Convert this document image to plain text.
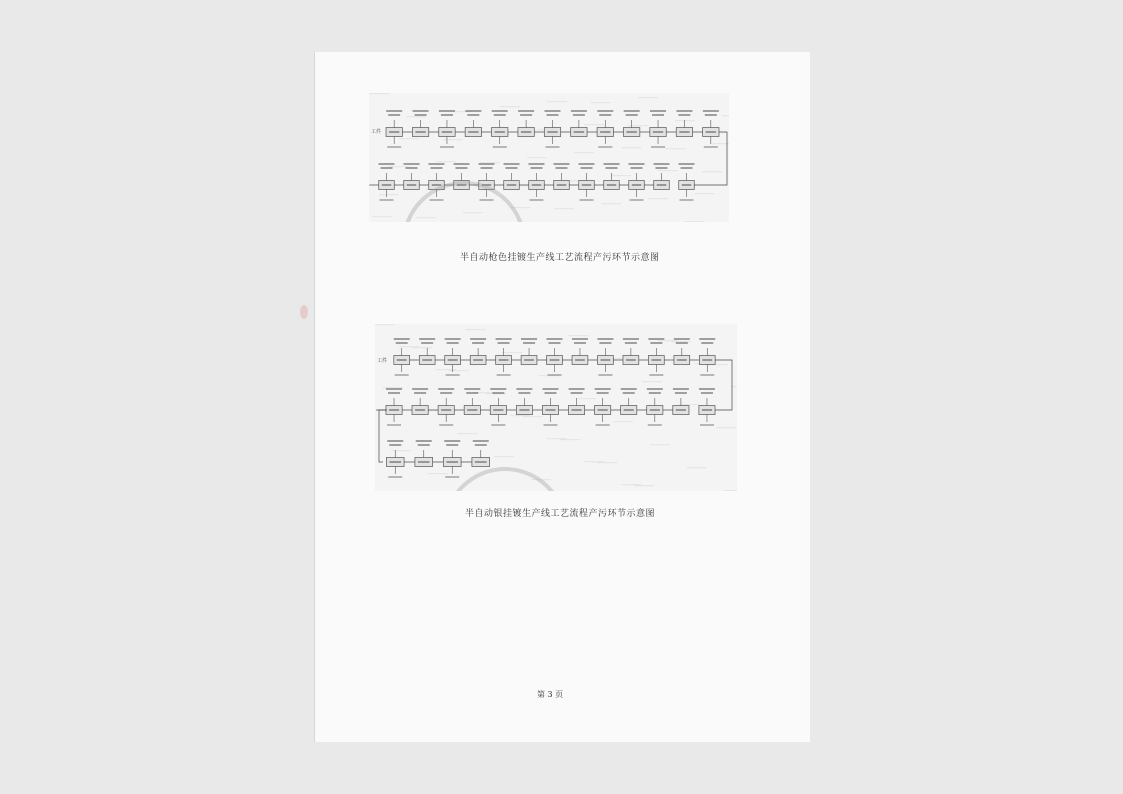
工件
半自动枪色挂镀生产线工艺流程产污环节示意图
工件
半自动银挂镀生产线工艺流程产污环节示意图
第 3 页
